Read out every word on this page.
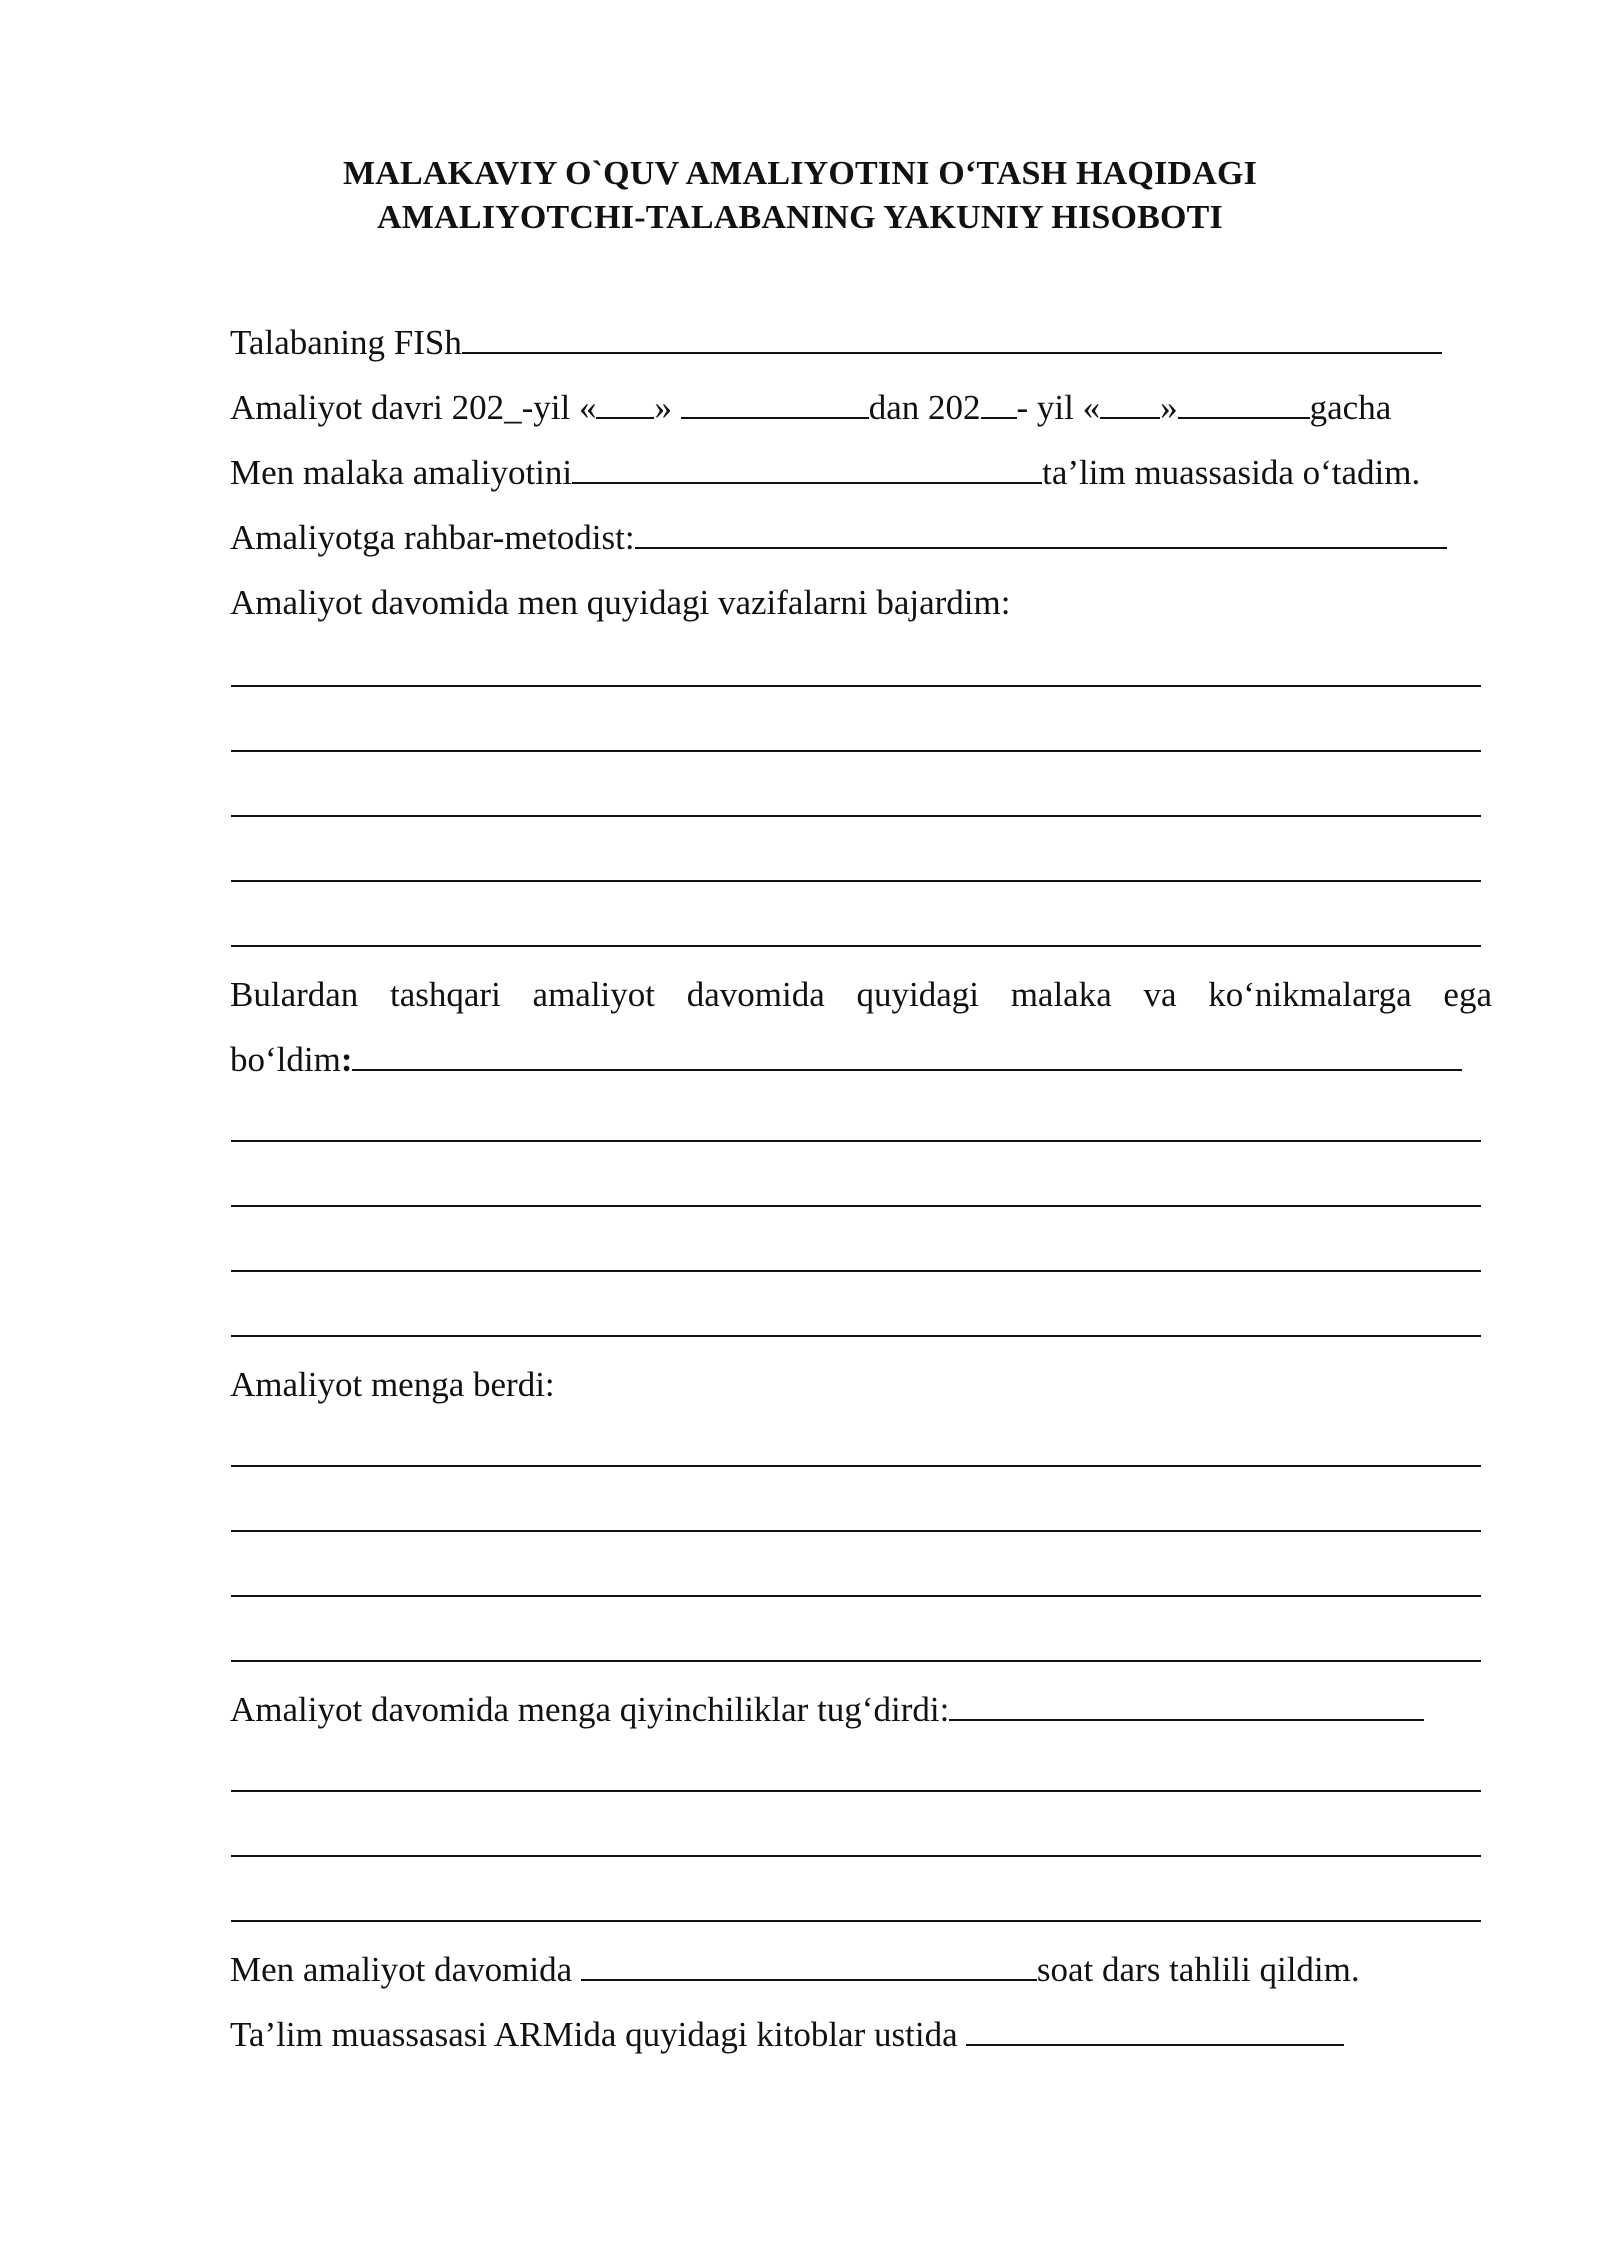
MALAKAVIY O`QUV AMALIYOTINI O‘TASH HAQIDAGI
AMALIYOTCHI-TALABANING YAKUNIY HISOBOTI
Talabaning FISh
Amaliyot davri 202_-yil « »	dan 202 - yil « »	gacha
Men malaka amaliyotini	ta’lim muassasida o‘tadim.
Amaliyotga rahbar-metodist:
Amaliyot davomida men quyidagi vazifalarni bajardim:
Bulardan tashqari amaliyot davomida quyidagi malaka va ko‘nikmalarga ega
bo‘ldim:
Amaliyot menga berdi:
Amaliyot davomida menga qiyinchiliklar tug‘dirdi:
Men amaliyot davomida	soat dars tahlili qildim.
Ta’lim muassasasi ARMida quyidagi kitoblar ustida
